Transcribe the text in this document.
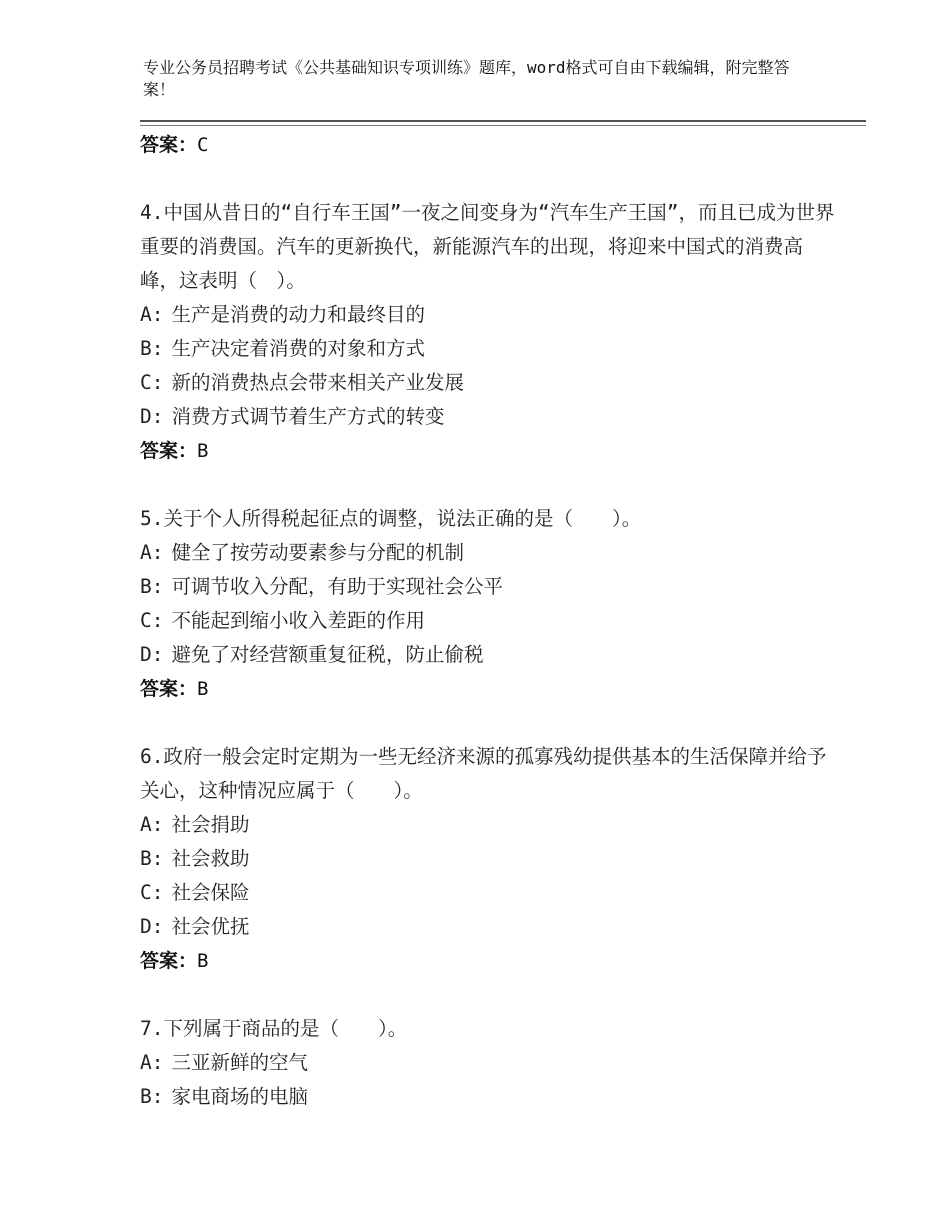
专业公务员招聘考试《公共基础知识专项训练》题库，word格式可自由下载编辑，附完整答案！
答案：C
4.中国从昔日的“自行车王国”一夜之间变身为“汽车生产王国”，而且已成为世界重要的消费国。汽车的更新换代，新能源汽车的出现，将迎来中国式的消费高峰，这表明（　）。
A: 生产是消费的动力和最终目的
B: 生产决定着消费的对象和方式
C: 新的消费热点会带来相关产业发展
D: 消费方式调节着生产方式的转变
答案：B
5.关于个人所得税起征点的调整，说法正确的是（　　）。
A: 健全了按劳动要素参与分配的机制
B: 可调节收入分配，有助于实现社会公平
C: 不能起到缩小收入差距的作用
D: 避免了对经营额重复征税，防止偷税
答案：B
6.政府一般会定时定期为一些无经济来源的孤寡残幼提供基本的生活保障并给予关心，这种情况应属于（　　）。
A: 社会捐助
B: 社会救助
C: 社会保险
D: 社会优抚
答案：B
7.下列属于商品的是（　　）。
A: 三亚新鲜的空气
B: 家电商场的电脑
